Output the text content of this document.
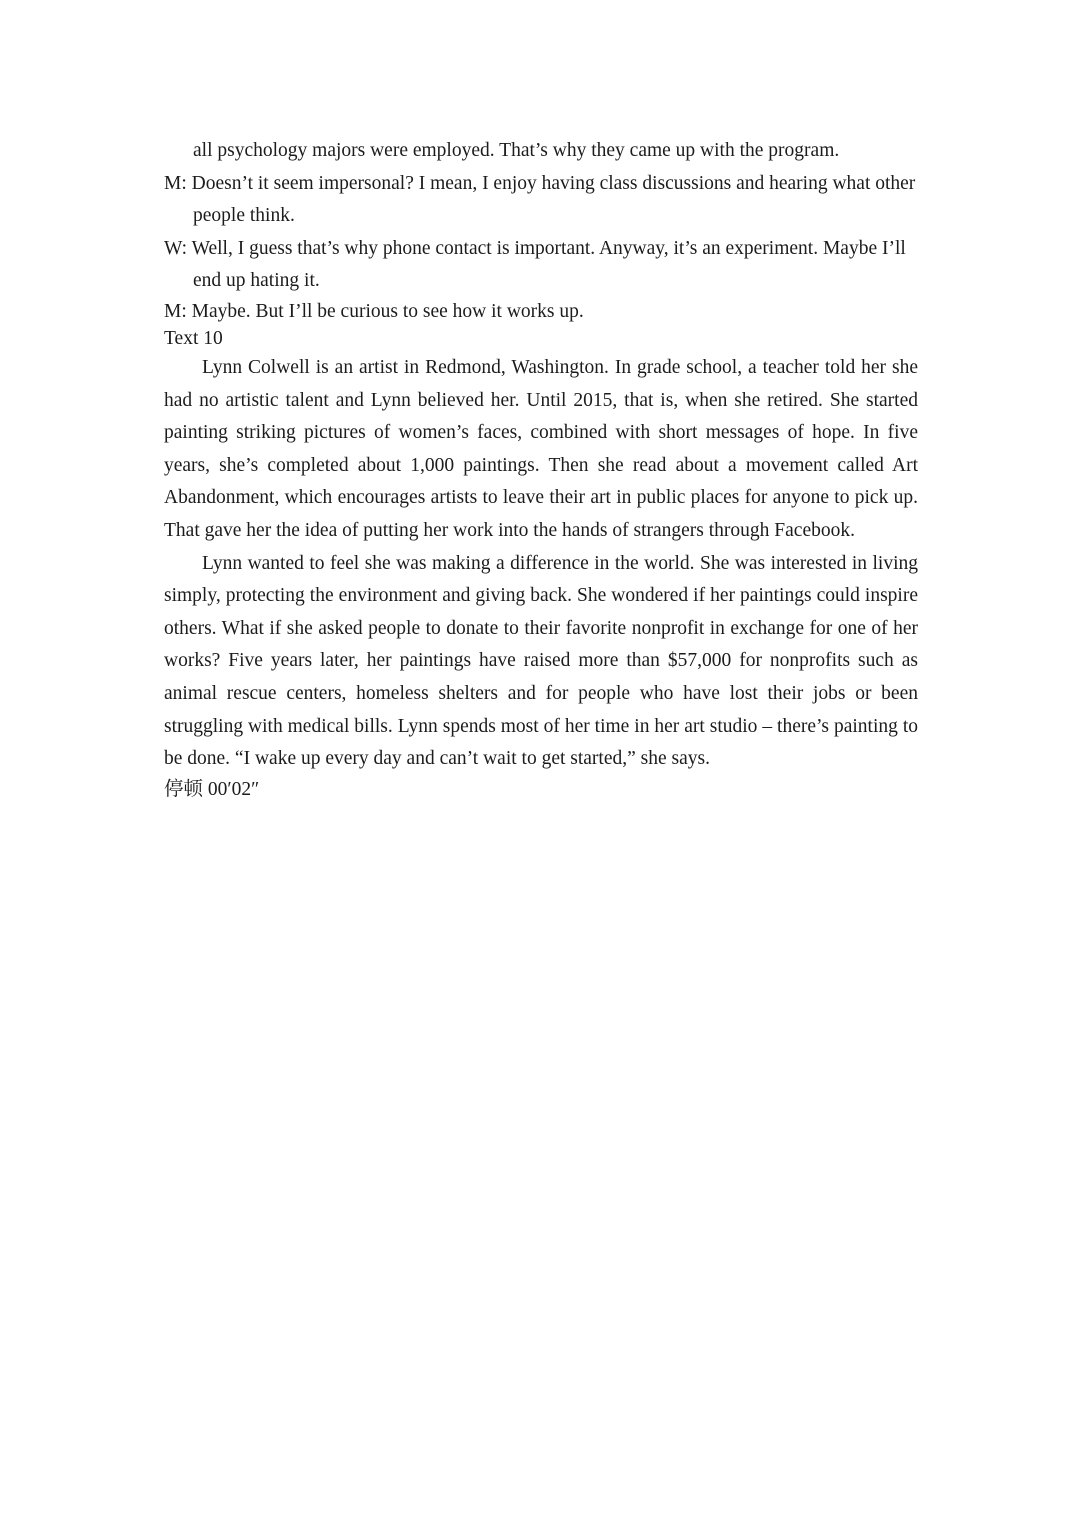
all psychology majors were employed. That’s why they came up with the program.
M: Doesn’t it seem impersonal? I mean, I enjoy having class discussions and hearing what other people think.
W: Well, I guess that’s why phone contact is important. Anyway, it’s an experiment. Maybe I’ll end up hating it.
M: Maybe. But I’ll be curious to see how it works up.
Text 10
Lynn Colwell is an artist in Redmond, Washington. In grade school, a teacher told her she had no artistic talent and Lynn believed her. Until 2015, that is, when she retired. She started painting striking pictures of women’s faces, combined with short messages of hope. In five years, she’s completed about 1,000 paintings. Then she read about a movement called Art Abandonment, which encourages artists to leave their art in public places for anyone to pick up. That gave her the idea of putting her work into the hands of strangers through Facebook.
Lynn wanted to feel she was making a difference in the world. She was interested in living simply, protecting the environment and giving back. She wondered if her paintings could inspire others. What if she asked people to donate to their favorite nonprofit in exchange for one of her works? Five years later, her paintings have raised more than $57,000 for nonprofits such as animal rescue centers, homeless shelters and for people who have lost their jobs or been struggling with medical bills. Lynn spends most of her time in her art studio – there’s painting to be done. “I wake up every day and can’t wait to get started,” she says.
停顿 00′02″
